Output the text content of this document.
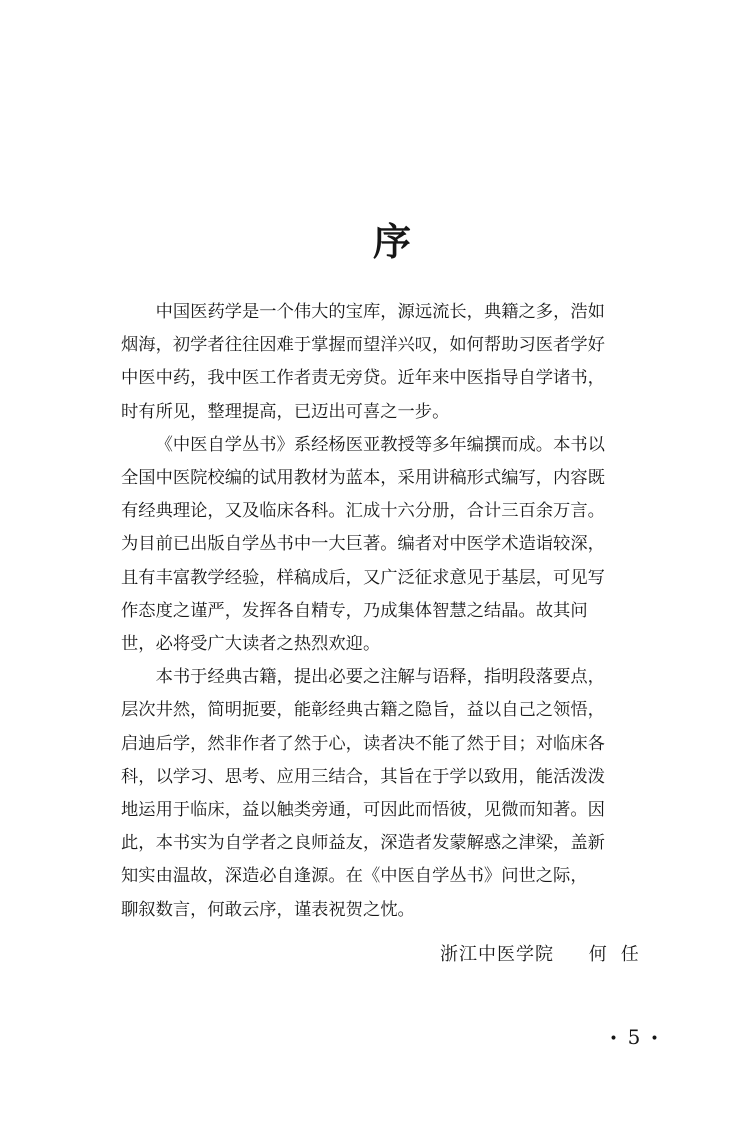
序

中国医药学是一个伟大的宝库，源远流长，典籍之多，浩如
烟海，初学者往往因难于掌握而望洋兴叹，如何帮助习医者学好
中医中药，我中医工作者责无旁贷。近年来中医指导自学诸书，
时有所见，整理提高，已迈出可喜之一步。

《中医自学丛书》系经杨医亚教授等多年编撰而成。本书以
全国中医院校编的试用教材为蓝本，采用讲稿形式编写，内容既
有经典理论，又及临床各科。汇成十六分册，合计三百余万言。
为目前已出版自学丛书中一大巨著。编者对中医学术造诣较深，
且有丰富教学经验，样稿成后，又广泛征求意见于基层，可见写
作态度之谨严，发挥各自精专，乃成集体智慧之结晶。故其问
世，必将受广大读者之热烈欢迎。

本书于经典古籍，提出必要之注解与语释，指明段落要点，
层次井然，简明扼要，能彰经典古籍之隐旨，益以自己之领悟，
启迪后学，然非作者了然于心，读者决不能了然于目；对临床各
科，以学习、思考、应用三结合，其旨在于学以致用，能活泼泼
地运用于临床，益以触类旁通，可因此而悟彼，见微而知著。因
此，本书实为自学者之良师益友，深造者发蒙解惑之津梁，盖新
知实由温故，深造必自逢源。在《中医自学丛书》问世之际，
聊叙数言，何敢云序，谨表祝贺之忱。

浙江中医学院 何任
• 5 •
